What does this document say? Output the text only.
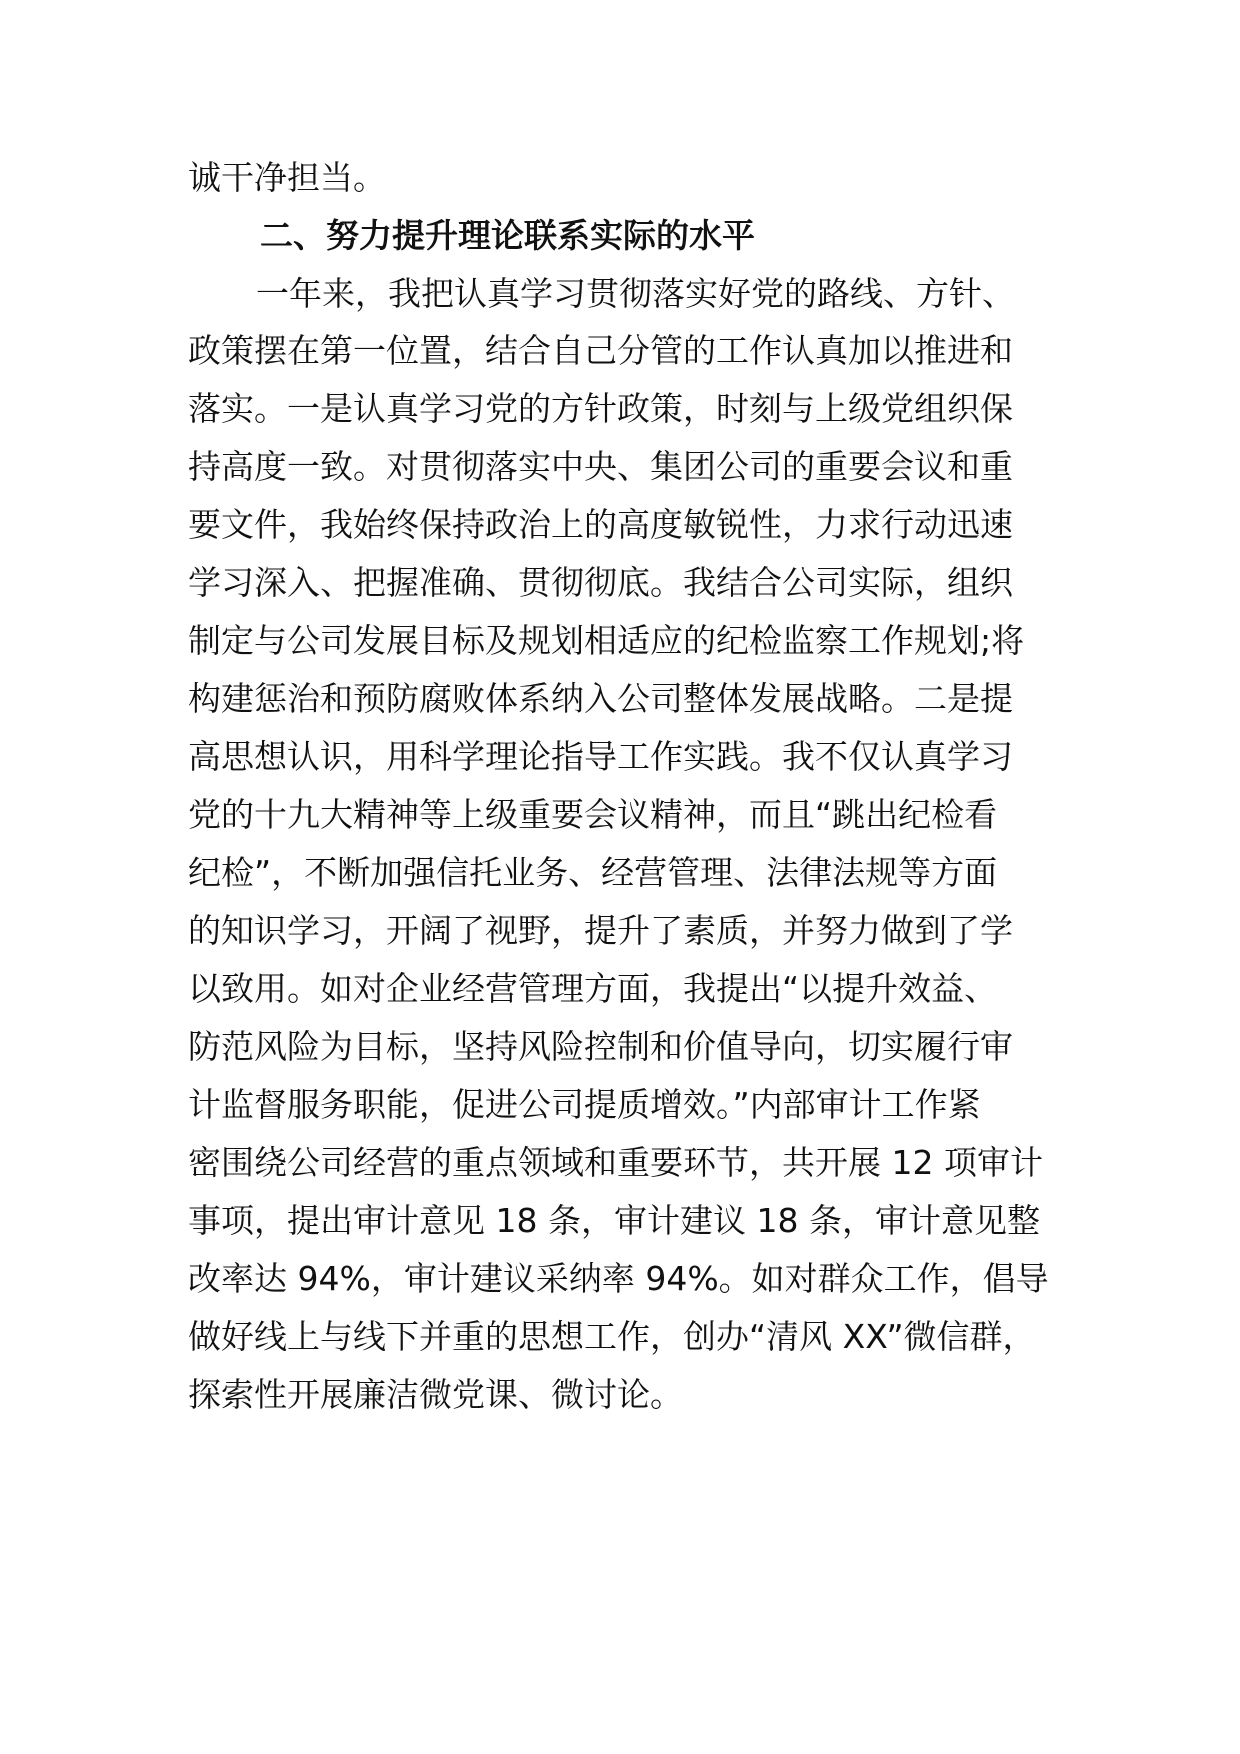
诚干净担当。
二、努力提升理论联系实际的水平
一年来，我把认真学习贯彻落实好党的路线、方针、
政策摆在第一位置，结合自己分管的工作认真加以推进和
落实。一是认真学习党的方针政策，时刻与上级党组织保
持高度一致。对贯彻落实中央、集团公司的重要会议和重
要文件，我始终保持政治上的高度敏锐性，力求行动迅速
学习深入、把握准确、贯彻彻底。我结合公司实际，组织
制定与公司发展目标及规划相适应的纪检监察工作规划;将
构建惩治和预防腐败体系纳入公司整体发展战略。二是提
高思想认识，用科学理论指导工作实践。我不仅认真学习
党的十九大精神等上级重要会议精神，而且“跳出纪检看
纪检”，不断加强信托业务、经营管理、法律法规等方面
的知识学习，开阔了视野，提升了素质，并努力做到了学
以致用。如对企业经营管理方面，我提出“以提升效益、
防范风险为目标，坚持风险控制和价值导向，切实履行审
计监督服务职能，促进公司提质增效。”内部审计工作紧
密围绕公司经营的重点领域和重要环节，共开展 12 项审计
事项，提出审计意见 18 条，审计建议 18 条，审计意见整
改率达 94%，审计建议采纳率 94%。如对群众工作，倡导
做好线上与线下并重的思想工作，创办“清风 XX”微信群，
探索性开展廉洁微党课、微讨论。
